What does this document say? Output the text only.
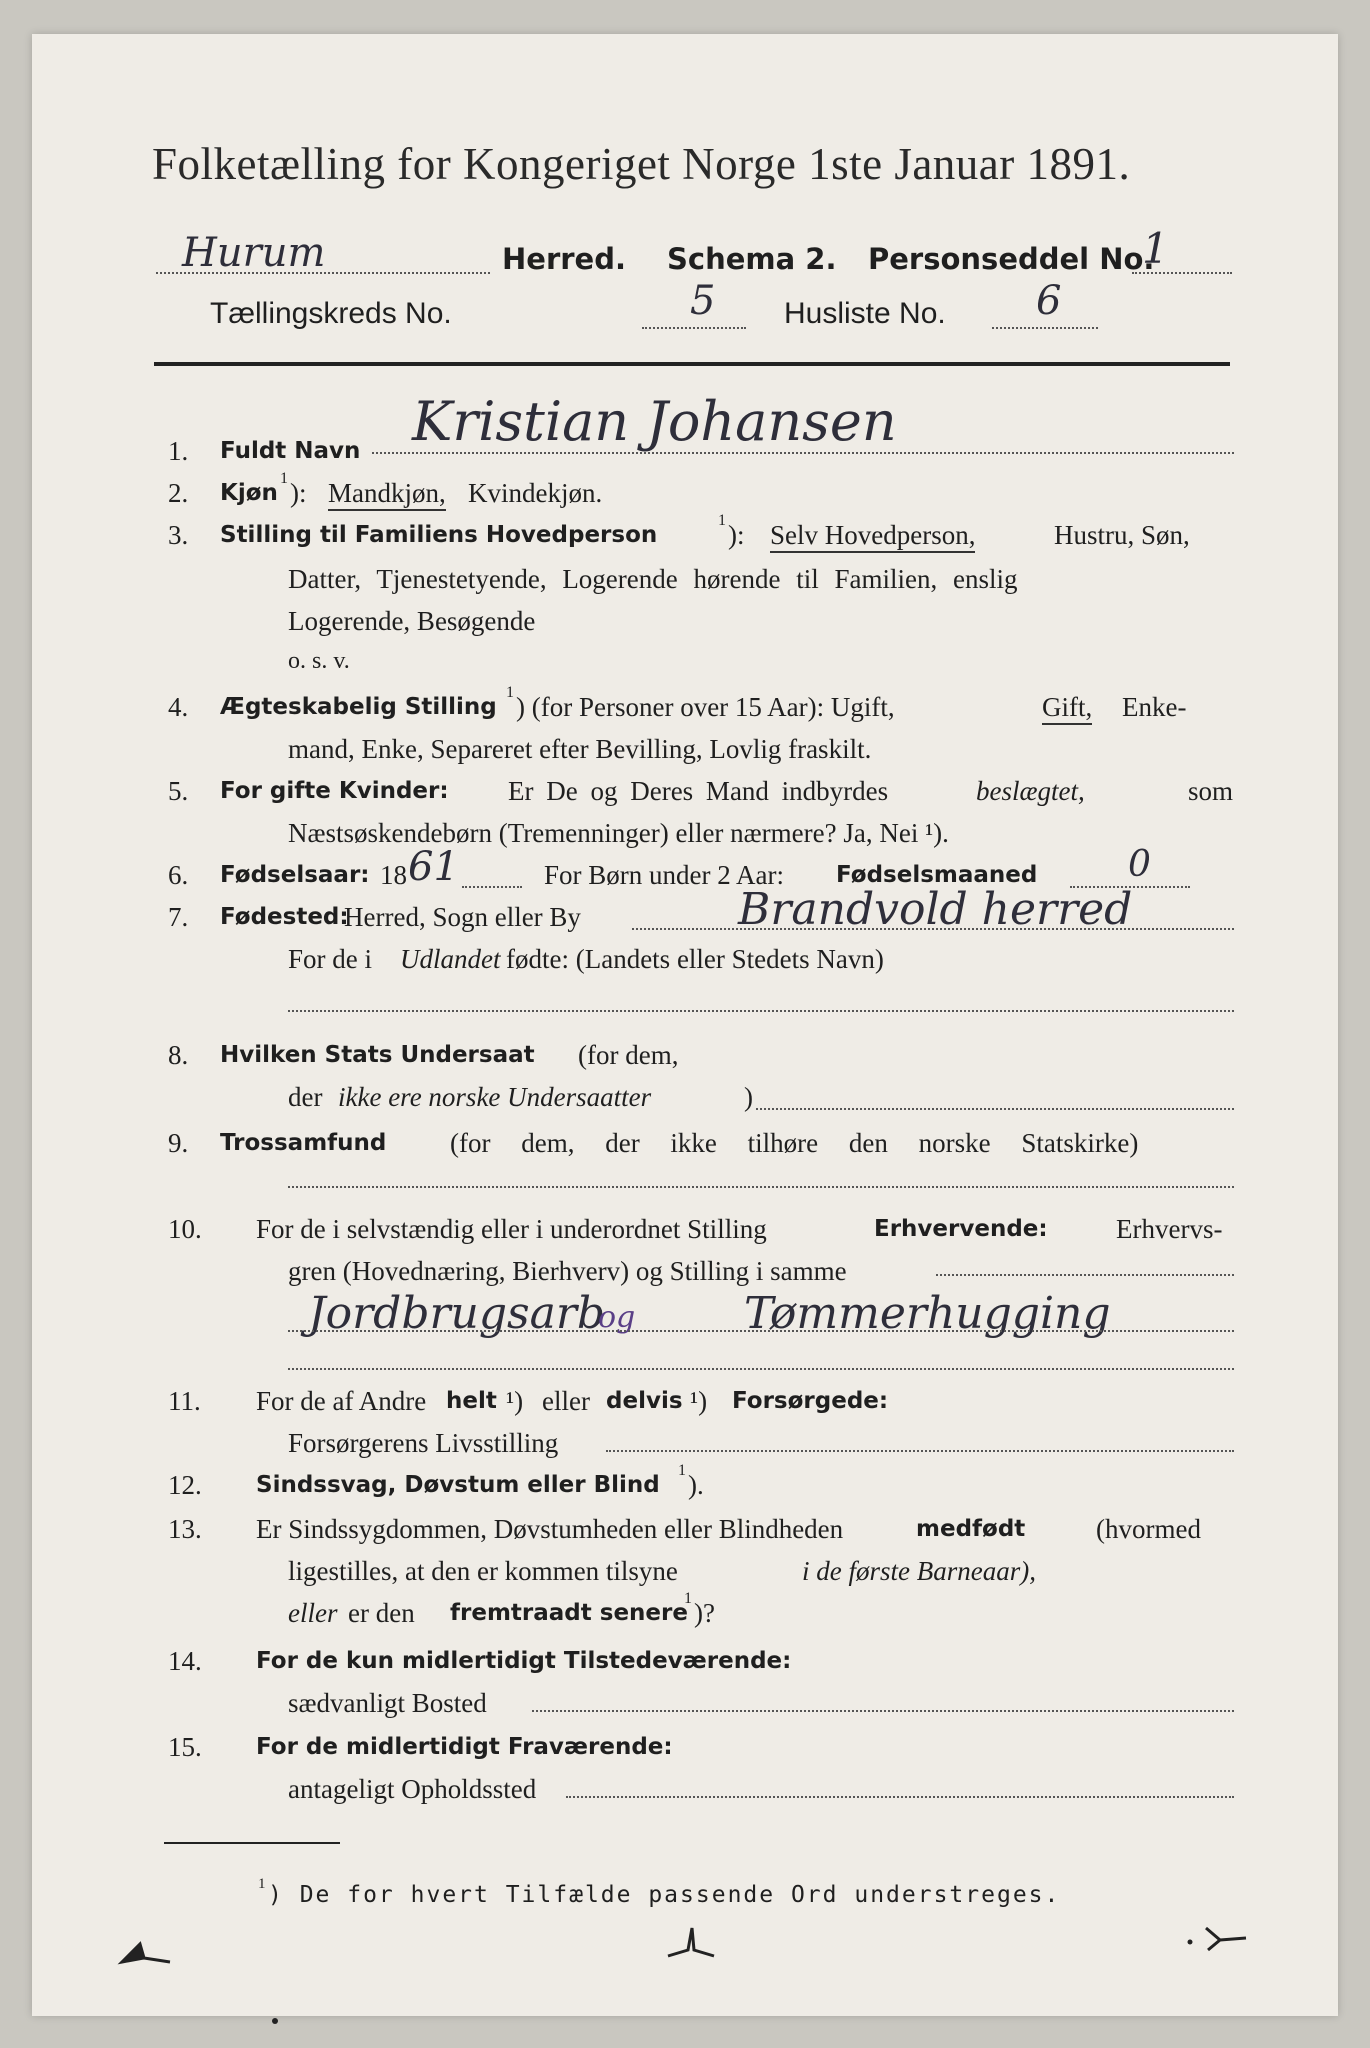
Folketælling for Kongeriget Norge 1ste Januar 1891.
Hurum	Herred. Schema 2. Personseddel No.
1
Tællingskreds No.	5 Husliste No. 6
1. Fuldt Navn Kristian Johansen
2. Kjøn
1 ): Mandkjøn, Kvindekjøn.
3. Stilling til Familiens Hovedperson
1 ): Selv Hovedperson,	Hustru, Søn,
Datter, Tjenestetyende, Logerende hørende til Familien, enslig
Logerende, Besøgende
o. s. v.
4. Ægteskabelig Stilling
1 ) (for Personer over 15 Aar): Ugift,	Gift, Enke-
mand, Enke, Separeret efter Bevilling, Lovlig fraskilt.
5. For gifte Kvinder: Er De og Deres Mand indbyrdes	beslægtet,	som
Næstsøskendebørn (Tremenninger) eller nærmere? Ja, Nei ¹).
6. Fødselsaar: 18 61	For Børn under 2 Aar: Fødselsmaaned	0
7. Fødested:
Herred, Sogn eller By	Brandvold herred
For de i Udlandet fødte: (Landets eller Stedets Navn)
8. Hvilken Stats Undersaat (for dem,
der ikke ere norske Undersaatter	)
9. Trossamfund (for dem, der ikke tilhøre den norske Statskirke)
10. For de i selvstændig eller i underordnet Stilling	Erhvervende:	Erhvervs-
gren (Hovednæring, Bierhverv) og Stilling i samme
Jordbrugsarb
og Tømmerhugging
11. For de af Andre helt ¹) eller delvis ¹) Forsørgede:
Forsørgerens Livsstilling
12. Sindssvag, Døvstum eller Blind
1 ).
13. Er Sindssygdommen, Døvstumheden eller Blindheden	medfødt	(hvormed
ligestilles, at den er kommen tilsyne	i de første Barneaar),
eller er den fremtraadt senere
1 )?
14. For de kun midlertidigt Tilstedeværende:
sædvanligt Bosted
15. For de midlertidigt Fraværende:
antageligt Opholdssted
1 ) De for hvert Tilfælde passende Ord understreges.
